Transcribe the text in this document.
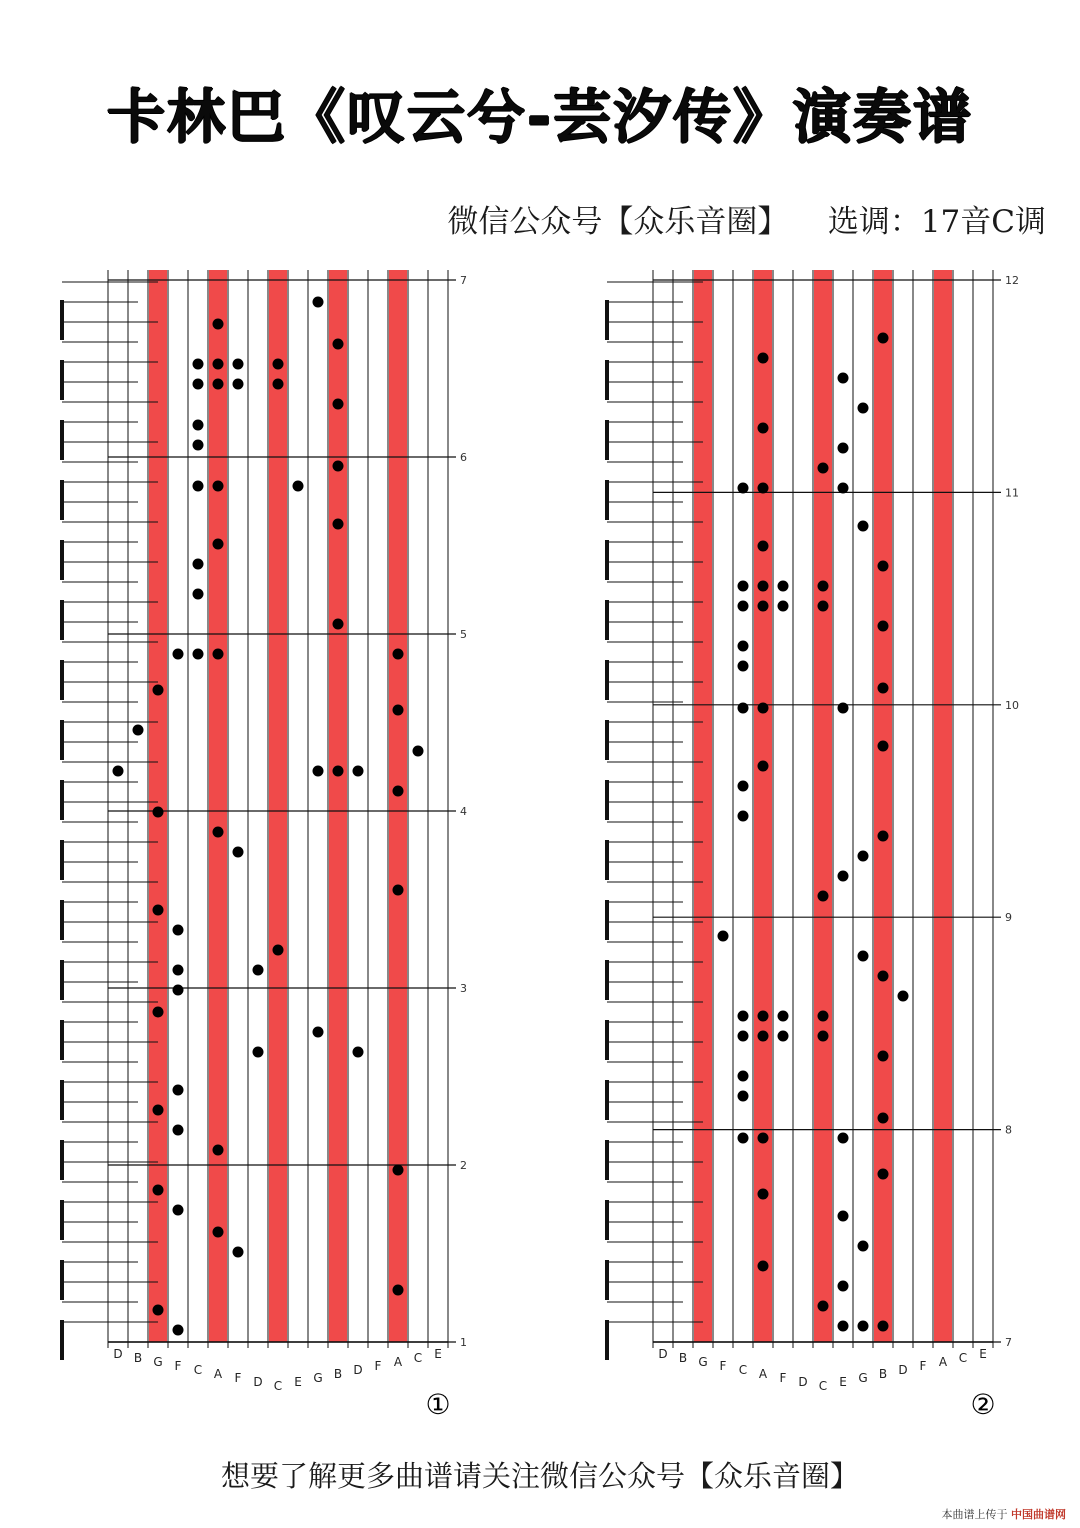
卡林巴《叹云兮-芸汐传》演奏谱
微信公众号【众乐音圈】    选调：17音C调
7
6
5
4
3
2
1
D B G F C A F D C E G B D F A C E
①
12
11
10
9
8
7
D B G F C A F D C E G B D F A C E
②
想要了解更多曲谱请关注微信公众号【众乐音圈】
本曲谱上传于 中国曲谱网
